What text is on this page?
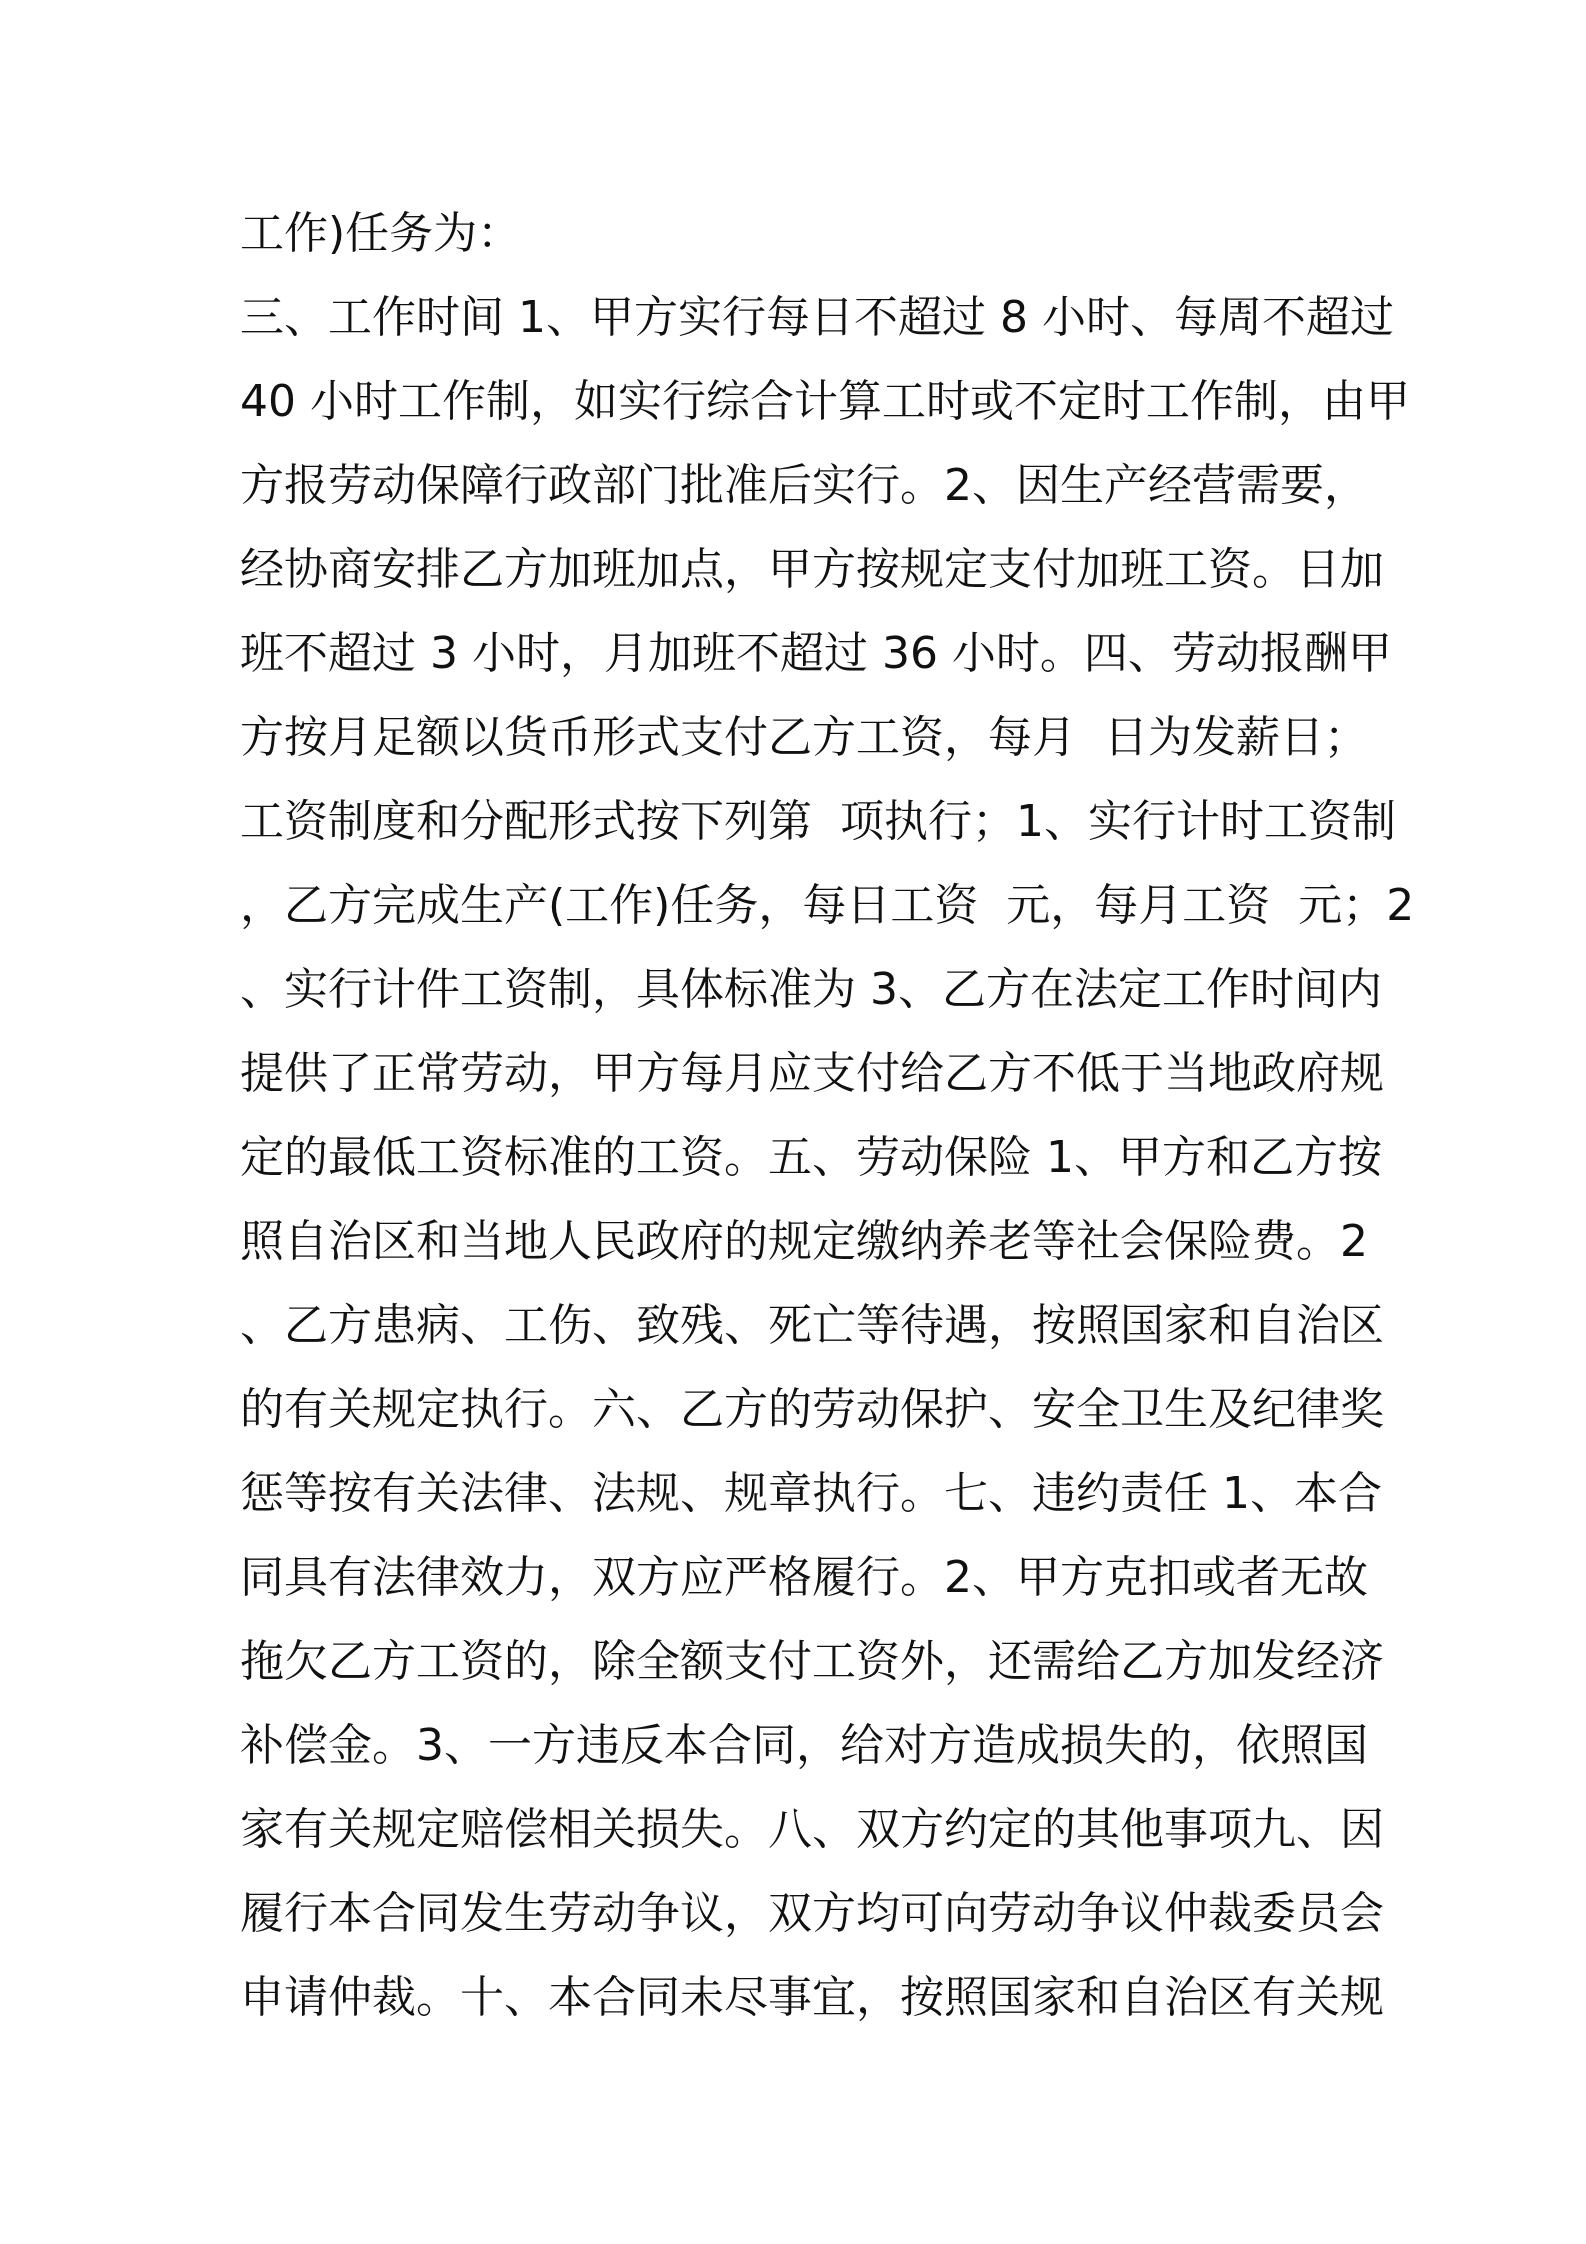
工作)任务为：
三、工作时间 1、甲方实行每日不超过 8 小时、每周不超过
40 小时工作制，如实行综合计算工时或不定时工作制，由甲
方报劳动保障行政部门批准后实行。2、因生产经营需要，
经协商安排乙方加班加点，甲方按规定支付加班工资。日加
班不超过 3 小时，月加班不超过 36 小时。四、劳动报酬甲
方按月足额以货币形式支付乙方工资，每月  日为发薪日；
工资制度和分配形式按下列第  项执行；1、实行计时工资制
，乙方完成生产(工作)任务，每日工资  元，每月工资  元；2
、实行计件工资制，具体标准为 3、乙方在法定工作时间内
提供了正常劳动，甲方每月应支付给乙方不低于当地政府规
定的最低工资标准的工资。五、劳动保险 1、甲方和乙方按
照自治区和当地人民政府的规定缴纳养老等社会保险费。2
、乙方患病、工伤、致残、死亡等待遇，按照国家和自治区
的有关规定执行。六、乙方的劳动保护、安全卫生及纪律奖
惩等按有关法律、法规、规章执行。七、违约责任 1、本合
同具有法律效力，双方应严格履行。2、甲方克扣或者无故
拖欠乙方工资的，除全额支付工资外，还需给乙方加发经济
补偿金。3、一方违反本合同，给对方造成损失的，依照国
家有关规定赔偿相关损失。八、双方约定的其他事项九、因
履行本合同发生劳动争议，双方均可向劳动争议仲裁委员会
申请仲裁。十、本合同未尽事宜，按照国家和自治区有关规
